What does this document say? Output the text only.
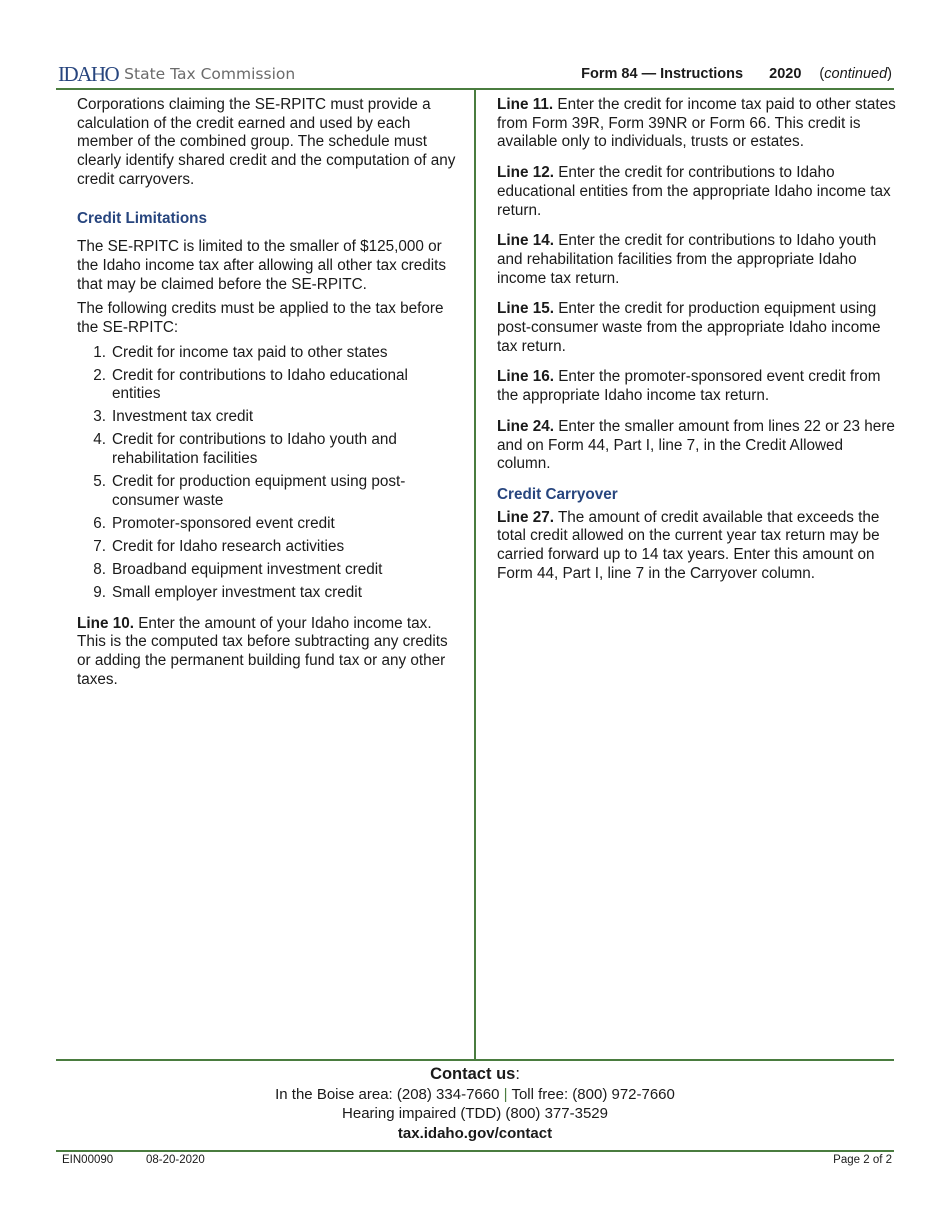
IDAHO State Tax Commission	Form 84 — Instructions 2020 (continued)

Corporations claiming the SE-RPITC must provide a calculation of the credit earned and used by each member of the combined group. The schedule must clearly identify shared credit and the computation of any credit carryovers.

Credit Limitations

The SE-RPITC is limited to the smaller of $125,000 or the Idaho income tax after allowing all other tax credits that may be claimed before the SE-RPITC.

The following credits must be applied to the tax before the SE-RPITC:

1. Credit for income tax paid to other states
2. Credit for contributions to Idaho educational entities
3. Investment tax credit
4. Credit for contributions to Idaho youth and rehabilitation facilities
5. Credit for production equipment using post-consumer waste
6. Promoter-sponsored event credit
7. Credit for Idaho research activities
8. Broadband equipment investment credit
9. Small employer investment tax credit

Line 10. Enter the amount of your Idaho income tax. This is the computed tax before subtracting any credits or adding the permanent building fund tax or any other taxes.

Line 11. Enter the credit for income tax paid to other states from Form 39R, Form 39NR or Form 66. This credit is available only to individuals, trusts or estates.

Line 12. Enter the credit for contributions to Idaho educational entities from the appropriate Idaho income tax return.

Line 14. Enter the credit for contributions to Idaho youth and rehabilitation facilities from the appropriate Idaho income tax return.

Line 15. Enter the credit for production equipment using post-consumer waste from the appropriate Idaho income tax return.

Line 16. Enter the promoter-sponsored event credit from the appropriate Idaho income tax return.

Line 24. Enter the smaller amount from lines 22 or 23 here and on Form 44, Part I, line 7, in the Credit Allowed column.

Credit Carryover

Line 27. The amount of credit available that exceeds the total credit allowed on the current year tax return may be carried forward up to 14 tax years. Enter this amount on Form 44, Part I, line 7 in the Carryover column.

Contact us:
In the Boise area: (208) 334-7660 | Toll free: (800) 972-7660
Hearing impaired (TDD) (800) 377-3529
tax.idaho.gov/contact
EIN00090	08-20-2020	Page 2 of 2
